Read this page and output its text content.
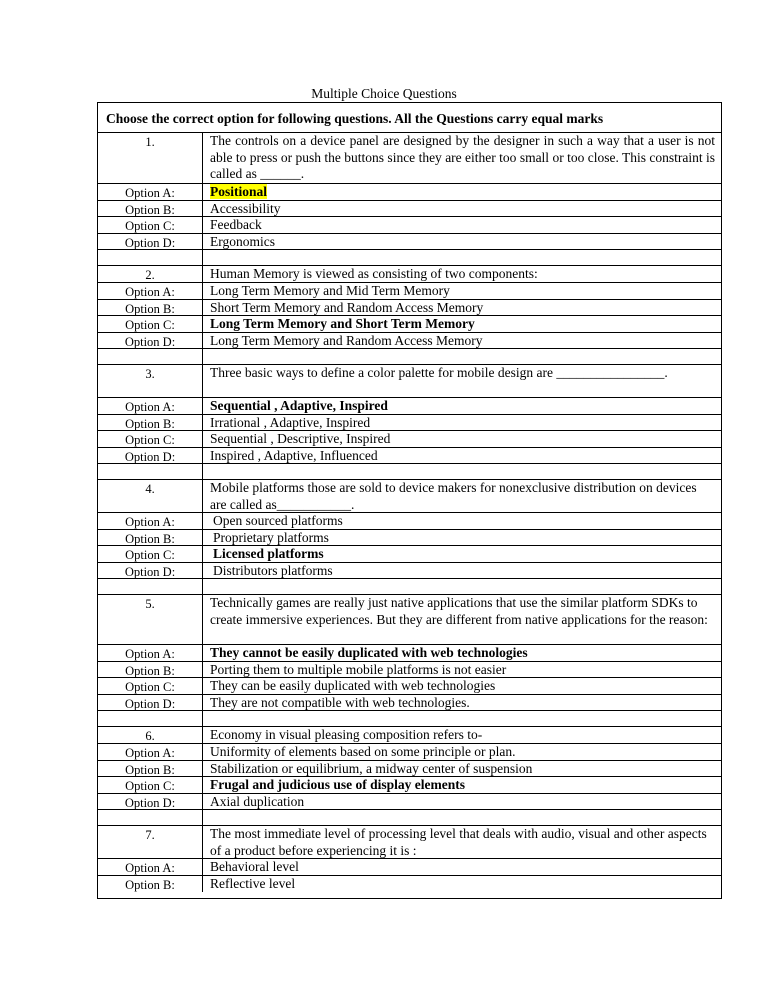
Multiple Choice Questions
Choose the correct option for following questions. All the Questions carry equal marks
1.	The controls on a device panel are designed by the designer in such a way that a user is not able to press or push the buttons since they are either too small or too close. This constraint is called as ______.
Option A:	Positional
Option B:	Accessibility
Option C:	Feedback
Option D:	Ergonomics
2.	Human Memory is viewed as consisting of two components:
Option A:	Long Term Memory and Mid Term Memory
Option B:	Short Term Memory and Random Access Memory
Option C:	Long Term Memory and Short Term Memory
Option D:	Long Term Memory and Random Access Memory
3.	Three basic ways to define a color palette for mobile design are ________________.
Option A:	Sequential , Adaptive, Inspired
Option B:	Irrational , Adaptive, Inspired
Option C:	Sequential , Descriptive, Inspired
Option D:	Inspired , Adaptive, Influenced
4.	Mobile platforms those are sold to device makers for nonexclusive distribution on devices are called as___________.
Option A:	Open sourced platforms
Option B:	Proprietary platforms
Option C:	Licensed platforms
Option D:	Distributors platforms
5.	Technically games are really just native applications that use the similar platform SDKs to create immersive experiences. But they are different from native applications for the reason:
Option A:	They cannot be easily duplicated with web technologies
Option B:	Porting them to multiple mobile platforms is not easier
Option C:	They can be easily duplicated with web technologies
Option D:	They are not compatible with web technologies.
6.	Economy in visual pleasing composition refers to-
Option A:	Uniformity of elements based on some principle or plan.
Option B:	Stabilization or equilibrium, a midway center of suspension
Option C:	Frugal and judicious use of display elements
Option D:	Axial duplication
7.	The most immediate level of processing level that deals with audio, visual and other aspects of a product before experiencing it is :
Option A:	Behavioral level
Option B:	Reflective level
